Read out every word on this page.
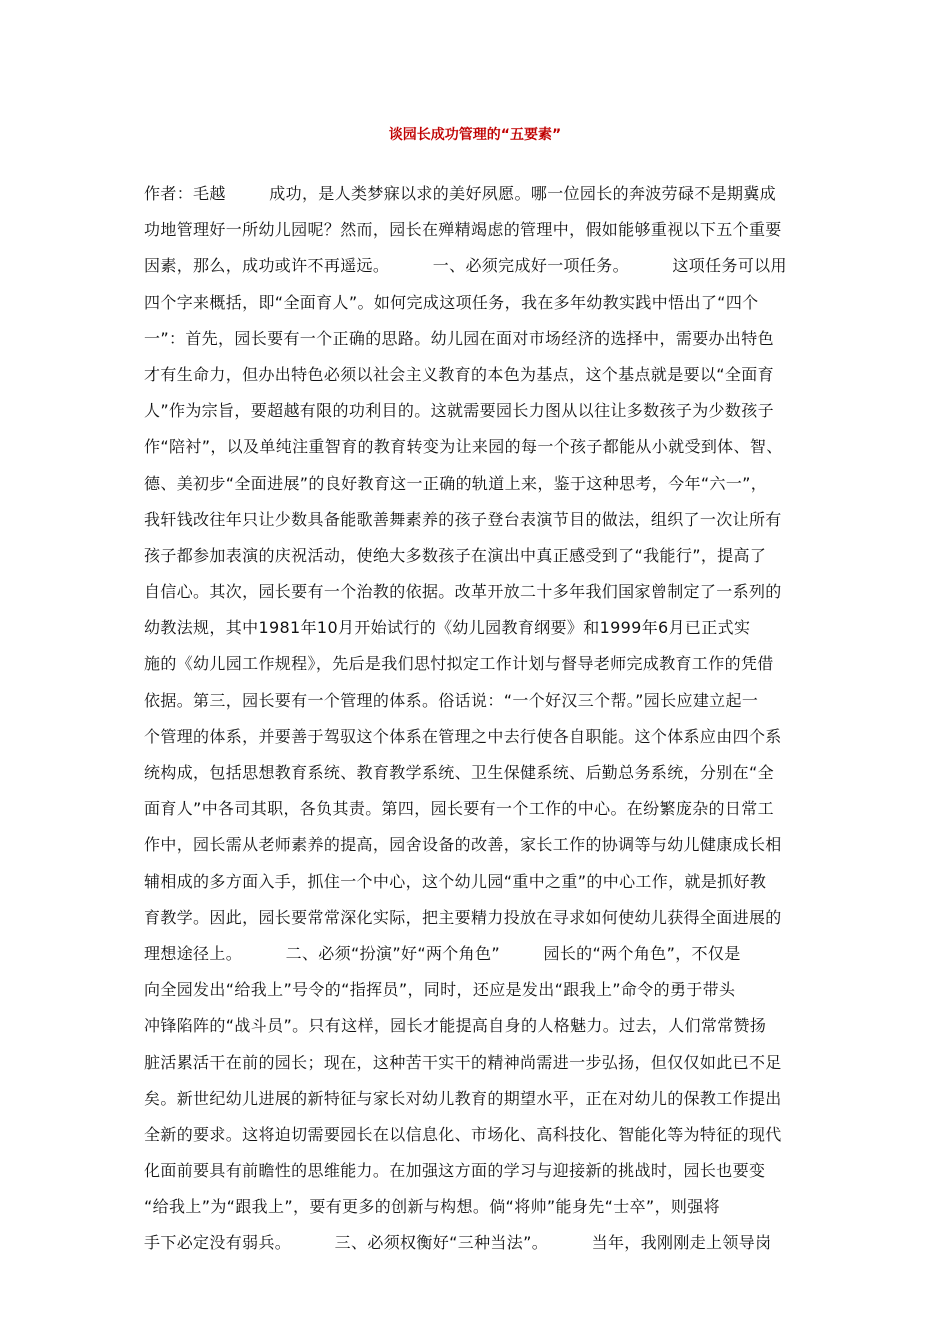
谈园长成功管理的“五要素”
作者：毛越        成功，是人类梦寐以求的美好夙愿。哪一位园长的奔波劳碌不是期冀成
功地管理好一所幼儿园呢？然而，园长在殚精竭虑的管理中，假如能够重视以下五个重要
因素，那么，成功或许不再遥远。        一、必须完成好一项任务。        这项任务可以用
四个字来概括，即“全面育人”。如何完成这项任务，我在多年幼教实践中悟出了“四个
一”：首先，园长要有一个正确的思路。幼儿园在面对市场经济的选择中，需要办出特色
才有生命力，但办出特色必须以社会主义教育的本色为基点，这个基点就是要以“全面育
人”作为宗旨，要超越有限的功利目的。这就需要园长力图从以往让多数孩子为少数孩子
作“陪衬”，以及单纯注重智育的教育转变为让来园的每一个孩子都能从小就受到体、智、
德、美初步“全面进展”的良好教育这一正确的轨道上来，鉴于这种思考，今年“六一”，
我轩钱改往年只让少数具备能歌善舞素养的孩子登台表演节目的做法，组织了一次让所有
孩子都参加表演的庆祝活动，使绝大多数孩子在演出中真正感受到了“我能行”，提高了
自信心。其次，园长要有一个治教的依据。改革开放二十多年我们国家曾制定了一系列的
幼教法规，其中1981年10月开始试行的《幼儿园教育纲要》和1999年6月已正式实
施的《幼儿园工作规程》，先后是我们思忖拟定工作计划与督导老师完成教育工作的凭借
依据。第三，园长要有一个管理的体系。俗话说：“一个好汉三个帮。”园长应建立起一
个管理的体系，并要善于驾驭这个体系在管理之中去行使各自职能。这个体系应由四个系
统构成，包括思想教育系统、教育教学系统、卫生保健系统、后勤总务系统，分别在“全
面育人”中各司其职，各负其责。第四，园长要有一个工作的中心。在纷繁庞杂的日常工
作中，园长需从老师素养的提高，园舍设备的改善，家长工作的协调等与幼儿健康成长相
辅相成的多方面入手，抓住一个中心，这个幼儿园“重中之重”的中心工作，就是抓好教
育教学。因此，园长要常常深化实际，把主要精力投放在寻求如何使幼儿获得全面进展的
理想途径上。        二、必须“扮演”好“两个角色”        园长的“两个角色”，不仅是
向全园发出“给我上”号令的“指挥员”，同时，还应是发出“跟我上”命令的勇于带头
冲锋陷阵的“战斗员”。只有这样，园长才能提高自身的人格魅力。过去，人们常常赞扬
脏活累活干在前的园长；现在，这种苦干实干的精神尚需进一步弘扬，但仅仅如此已不足
矣。新世纪幼儿进展的新特征与家长对幼儿教育的期望水平，正在对幼儿的保教工作提出
全新的要求。这将迫切需要园长在以信息化、市场化、高科技化、智能化等为特征的现代
化面前要具有前瞻性的思维能力。在加强这方面的学习与迎接新的挑战时，园长也要变
“给我上”为“跟我上”，要有更多的创新与构想。倘“将帅”能身先“士卒”，则强将
手下必定没有弱兵。        三、必须权衡好“三种当法”。        当年，我刚刚走上领导岗
